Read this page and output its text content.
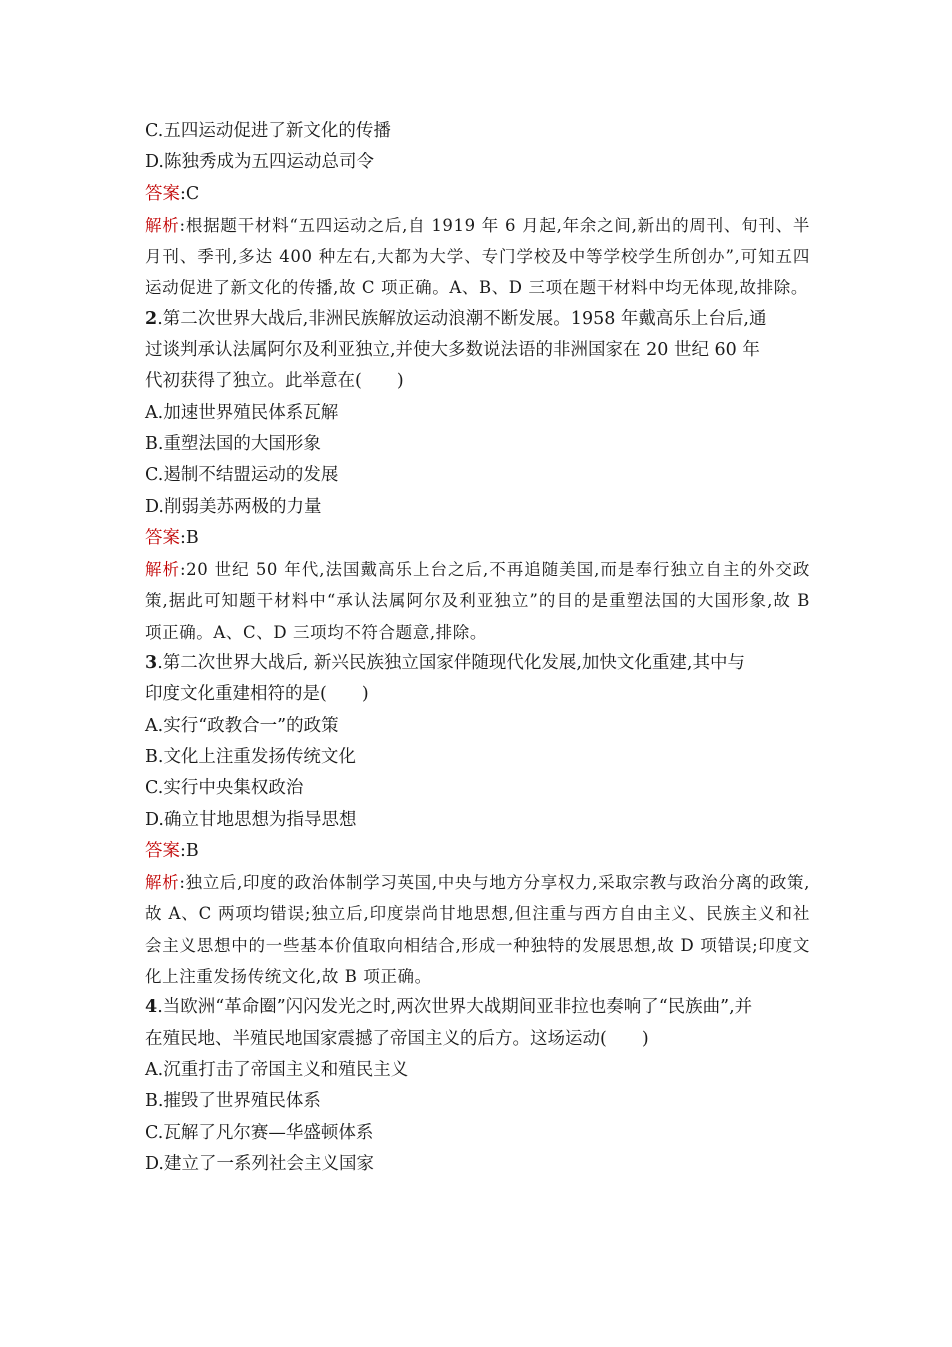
C.五四运动促进了新文化的传播
D.陈独秀成为五四运动总司令
答案:C
解析:根据题干材料“五四运动之后,自 1919 年 6 月起,年余之间,新出的周刊、旬刊、半月刊、季刊,多达 400 种左右,大都为大学、专门学校及中等学校学生所创办”,可知五四运动促进了新文化的传播,故 C 项正确。A、B、D 三项在题干材料中均无体现,故排除。
2.第二次世界大战后,非洲民族解放运动浪潮不断发展。1958 年戴高乐上台后,通
过谈判承认法属阿尔及利亚独立,并使大多数说法语的非洲国家在 20 世纪 60 年
代初获得了独立。此举意在(　　)
A.加速世界殖民体系瓦解
B.重塑法国的大国形象
C.遏制不结盟运动的发展
D.削弱美苏两极的力量
答案:B
解析:20 世纪 50 年代,法国戴高乐上台之后,不再追随美国,而是奉行独立自主的外交政策,据此可知题干材料中“承认法属阿尔及利亚独立”的目的是重塑法国的大国形象,故 B 项正确。A、C、D 三项均不符合题意,排除。
3.第二次世界大战后, 新兴民族独立国家伴随现代化发展,加快文化重建,其中与
印度文化重建相符的是(　　)
A.实行“政教合一”的政策
B.文化上注重发扬传统文化
C.实行中央集权政治
D.确立甘地思想为指导思想
答案:B
解析:独立后,印度的政治体制学习英国,中央与地方分享权力,采取宗教与政治分离的政策,故 A、C 两项均错误;独立后,印度崇尚甘地思想,但注重与西方自由主义、民族主义和社会主义思想中的一些基本价值取向相结合,形成一种独特的发展思想,故 D 项错误;印度文化上注重发扬传统文化,故 B 项正确。
4.当欧洲“革命圈”闪闪发光之时,两次世界大战期间亚非拉也奏响了“民族曲”,并
在殖民地、半殖民地国家震撼了帝国主义的后方。这场运动(　　)
A.沉重打击了帝国主义和殖民主义
B.摧毁了世界殖民体系
C.瓦解了凡尔赛—华盛顿体系
D.建立了一系列社会主义国家
